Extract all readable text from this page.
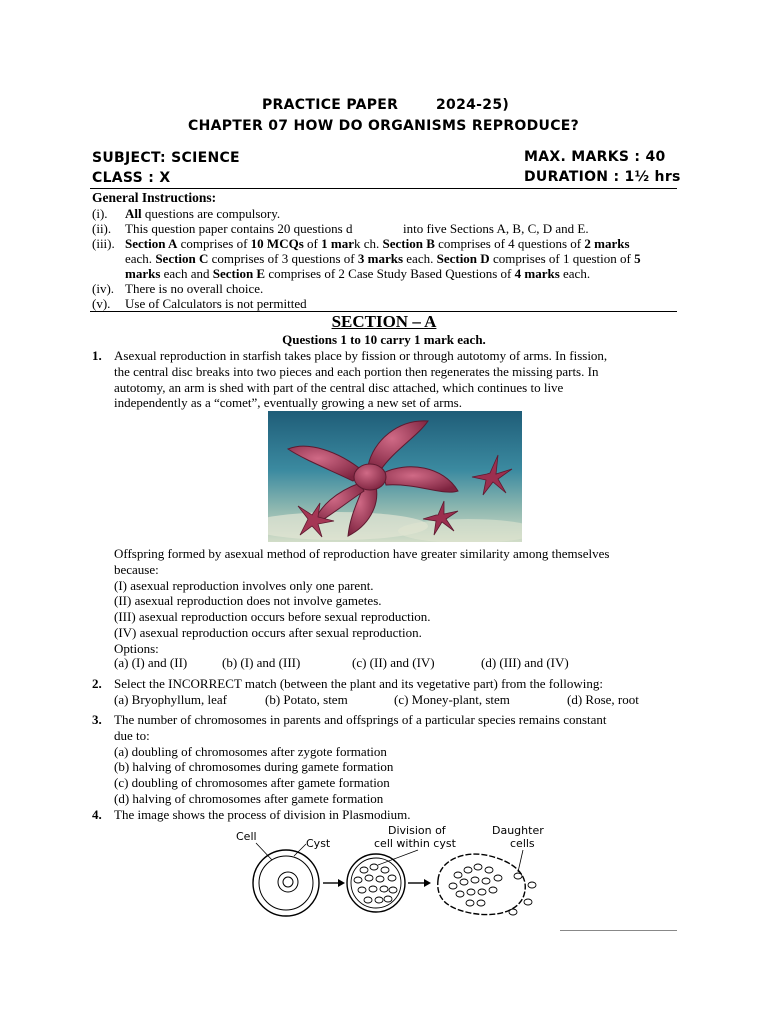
PRACTICE PAPER	2024-25)
CHAPTER 07 HOW DO ORGANISMS REPRODUCE?
SUBJECT: SCIENCE	MAX. MARKS : 40
CLASS : X	DURATION : 1½ hrs
General Instructions:
(i). All questions are compulsory.
(ii). This question paper contains 20 questions d	into five Sections A, B, C, D and E.
(iii). Section A comprises of 10 MCQs of 1 mark ch. Section B comprises of 4 questions of 2 marks
each. Section C comprises of 3 questions of 3 marks each. Section D comprises of 1 question of 5
marks each and Section E comprises of 2 Case Study Based Questions of 4 marks each.
(iv). There is no overall choice.
(v). Use of Calculators is not permitted
SECTION – A
Questions 1 to 10 carry 1 mark each.
1. Asexual reproduction in starfish takes place by fission or through autotomy of arms. In fission,
the central disc breaks into two pieces and each portion then regenerates the missing parts. In
autotomy, an arm is shed with part of the central disc attached, which continues to live
independently as a “comet”, eventually growing a new set of arms.
Offspring formed by asexual method of reproduction have greater similarity among themselves
because:
(I) asexual reproduction involves only one parent.
(II) asexual reproduction does not involve gametes.
(III) asexual reproduction occurs before sexual reproduction.
(IV) asexual reproduction occurs after sexual reproduction.
Options:
(a) (I) and (II)	(b) (I) and (III)	(c) (II) and (IV)	(d) (III) and (IV)
2. Select the INCORRECT match (between the plant and its vegetative part) from the following:
(a) Bryophyllum, leaf	(b) Potato, stem	(c) Money-plant, stem	(d) Rose, root
3. The number of chromosomes in parents and offsprings of a particular species remains constant
due to:
(a) doubling of chromosomes after zygote formation
(b) halving of chromosomes during gamete formation
(c) doubling of chromosomes after gamete formation
(d) halving of chromosomes after gamete formation
4. The image shows the process of division in Plasmodium.
Cell
Cyst
Division of
cell within cyst
Daughter
cells
